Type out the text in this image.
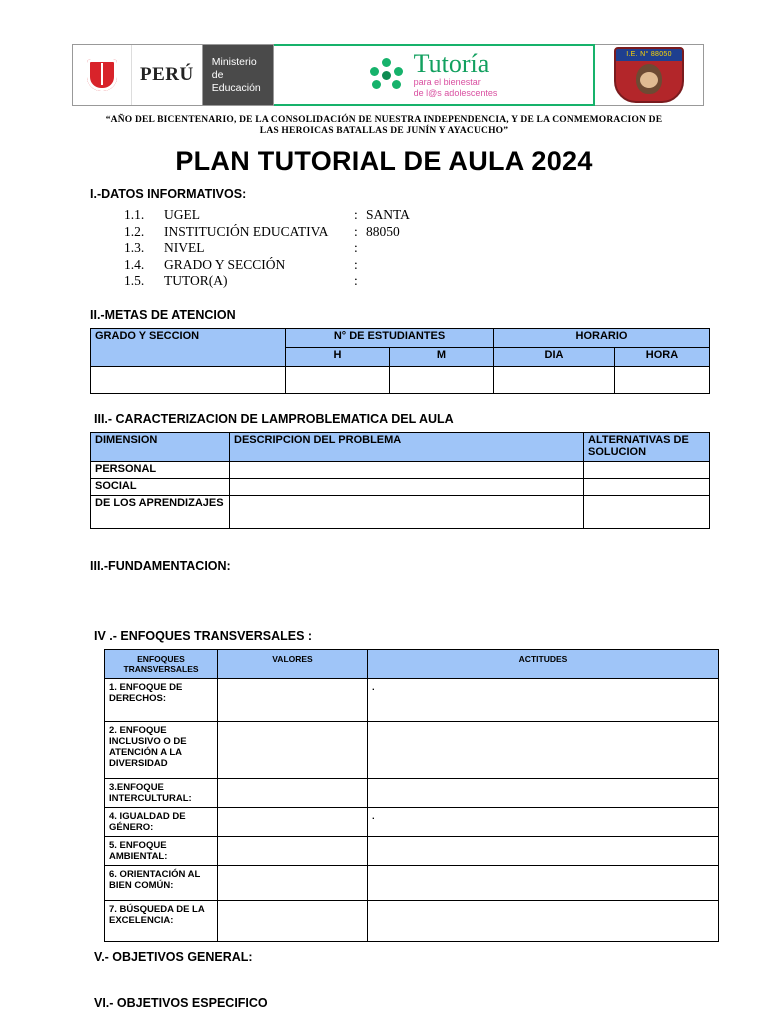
PERÚ
Ministerio
de Educación
Tutoría
para el bienestar
de l@s adolescentes
I.E. N° 88050
“AÑO DEL BICENTENARIO, DE LA CONSOLIDACIÓN DE NUESTRA INDEPENDENCIA, Y DE LA CONMEMORACION DE LAS HEROICAS BATALLAS DE JUNÍN Y AYACUCHO”
PLAN TUTORIAL DE AULA 2024
I.-DATOS INFORMATIVOS:
1.1.	UGEL	: SANTA
1.2.	INSTITUCIÓN EDUCATIVA	: 88050
1.3.	NIVEL	:
1.4.	GRADO Y SECCIÓN	:
1.5.	TUTOR(A)	:
II.-METAS DE ATENCION
GRADO Y SECCION	N° DE ESTUDIANTES		HORARIO	
	H	M	DIA	HORA

III.- CARACTERIZACION DE LAMPROBLEMATICA DEL AULA
DIMENSION	DESCRIPCION DEL PROBLEMA	ALTERNATIVAS DE SOLUCION
PERSONAL		
SOCIAL		
DE LOS APRENDIZAJES		
III.-FUNDAMENTACION:
IV .- ENFOQUES TRANSVERSALES :
ENFOQUES TRANSVERSALES	VALORES	ACTITUDES
1. ENFOQUE DE DERECHOS:		.
2. ENFOQUE INCLUSIVO O DE ATENCIÓN A LA DIVERSIDAD		
3.ENFOQUE INTERCULTURAL:		
4. IGUALDAD DE GÉNERO:		.
5. ENFOQUE AMBIENTAL:		
6. ORIENTACIÓN AL BIEN COMÚN:		
7. BÚSQUEDA DE LA EXCELENCIA:		
V.- OBJETIVOS GENERAL:
VI.- OBJETIVOS ESPECIFICO
